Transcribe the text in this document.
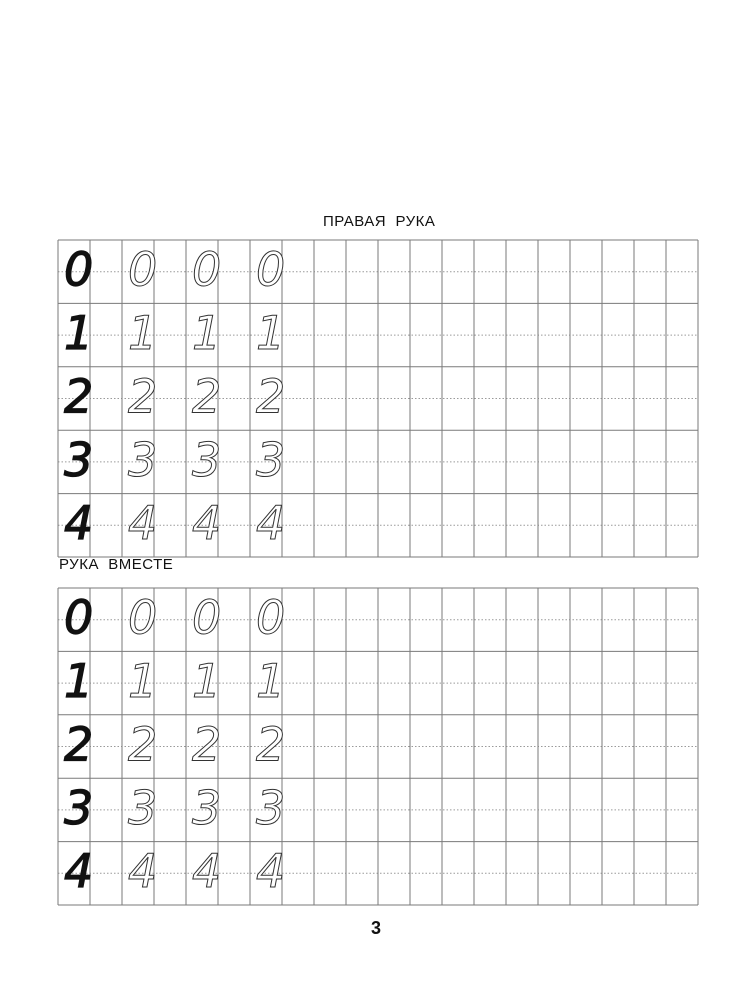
ПРАВАЯ  РУКА
0 0 0 0
1 1 1 1
2 2 2 2
3 3 3 3
4 4 4 4
РУКА  ВМЕСТЕ
0 0 0 0
1 1 1 1
2 2 2 2
3 3 3 3
4 4 4 4
3
